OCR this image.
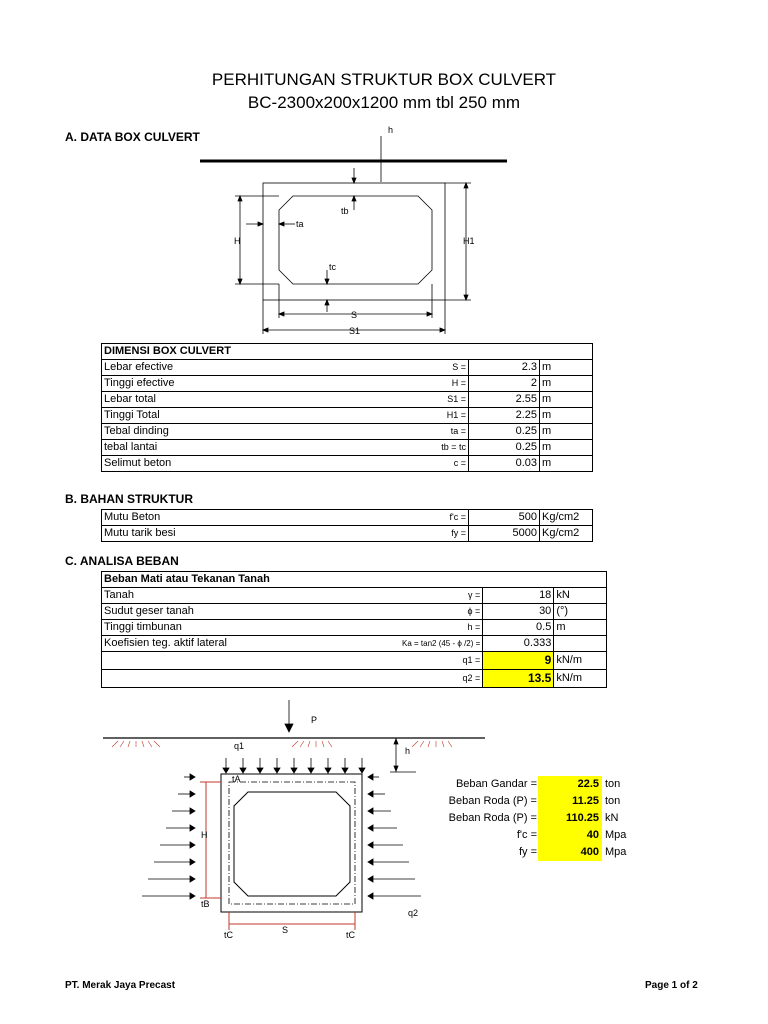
PERHITUNGAN STRUKTUR BOX CULVERT
BC-2300x200x1200 mm tbl 250 mm
A. DATA BOX CULVERT	h
tb
ta
H	H1
tc
S
S1
P
h
q1
tA
H
tB
q2
S
tC	tC
DIMENSI BOX CULVERT			
Lebar efective	S =	2.3	m
Tinggi efective	H =	2	m
Lebar total	S1 =	2.55	m
Tinggi Total	H1 =	2.25	m
Tebal dinding	ta =	0.25	m
tebal lantai	tb = tc	0.25	m
Selimut beton	c =	0.03	m
B. BAHAN STRUKTUR
Mutu Beton	f'c =	500	Kg/cm2
Mutu tarik besi	fy =	5000	Kg/cm2
C. ANALISA BEBAN
Beban Mati atau Tekanan Tanah			
Tanah	γ =	18	kN
Sudut geser tanah	ϕ =	30	(°)
Tinggi timbunan	h =	0.5	m
Koefisien teg. aktif lateral	Ka = tan2 (45 - ϕ /2) =	0.333	
	q1 =	9	kN/m
	q2 =	13.5	kN/m
Beban Gandar =	22.5 ton
Beban Roda (P) =	11.25 ton
Beban Roda (P) =	110.25 kN
f'c =	40 Mpa
fy =	400 Mpa
PT. Merak Jaya Precast	Page 1 of 2
